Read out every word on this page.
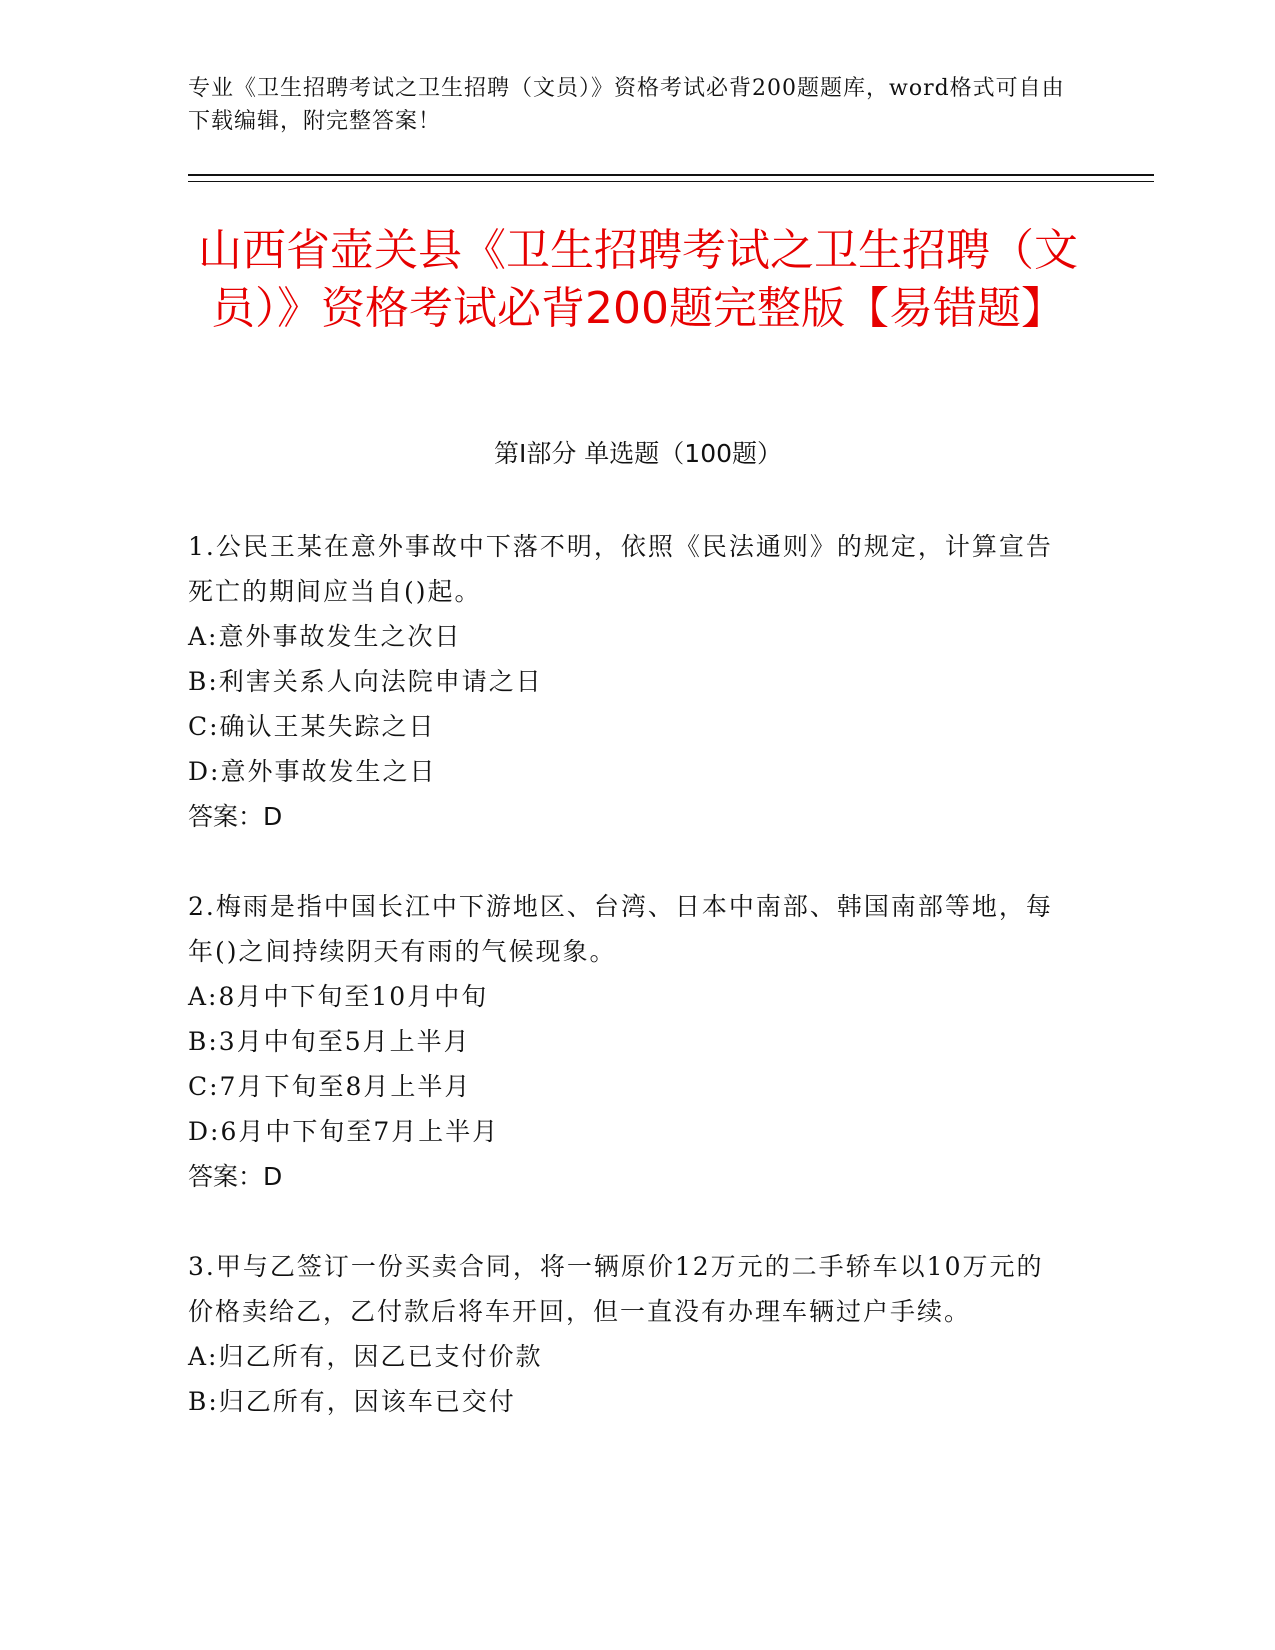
专业《卫生招聘考试之卫生招聘（文员）》资格考试必背200题题库，word格式可自由下载编辑，附完整答案！
山西省壶关县《卫生招聘考试之卫生招聘（文员）》资格考试必背200题完整版【易错题】
第I部分 单选题（100题）

1.公民王某在意外事故中下落不明，依照《民法通则》的规定，计算宣告死亡的期间应当自()起。

A:意外事故发生之次日

B:利害关系人向法院申请之日

C:确认王某失踪之日

D:意外事故发生之日

答案：D

2.梅雨是指中国长江中下游地区、台湾、日本中南部、韩国南部等地，每年()之间持续阴天有雨的气候现象。

A:8月中下旬至10月中旬

B:3月中旬至5月上半月

C:7月下旬至8月上半月

D:6月中下旬至7月上半月

答案：D

3.甲与乙签订一份买卖合同，将一辆原价12万元的二手轿车以10万元的价格卖给乙，乙付款后将车开回，但一直没有办理车辆过户手续。

A:归乙所有，因乙已支付价款

B:归乙所有，因该车已交付
